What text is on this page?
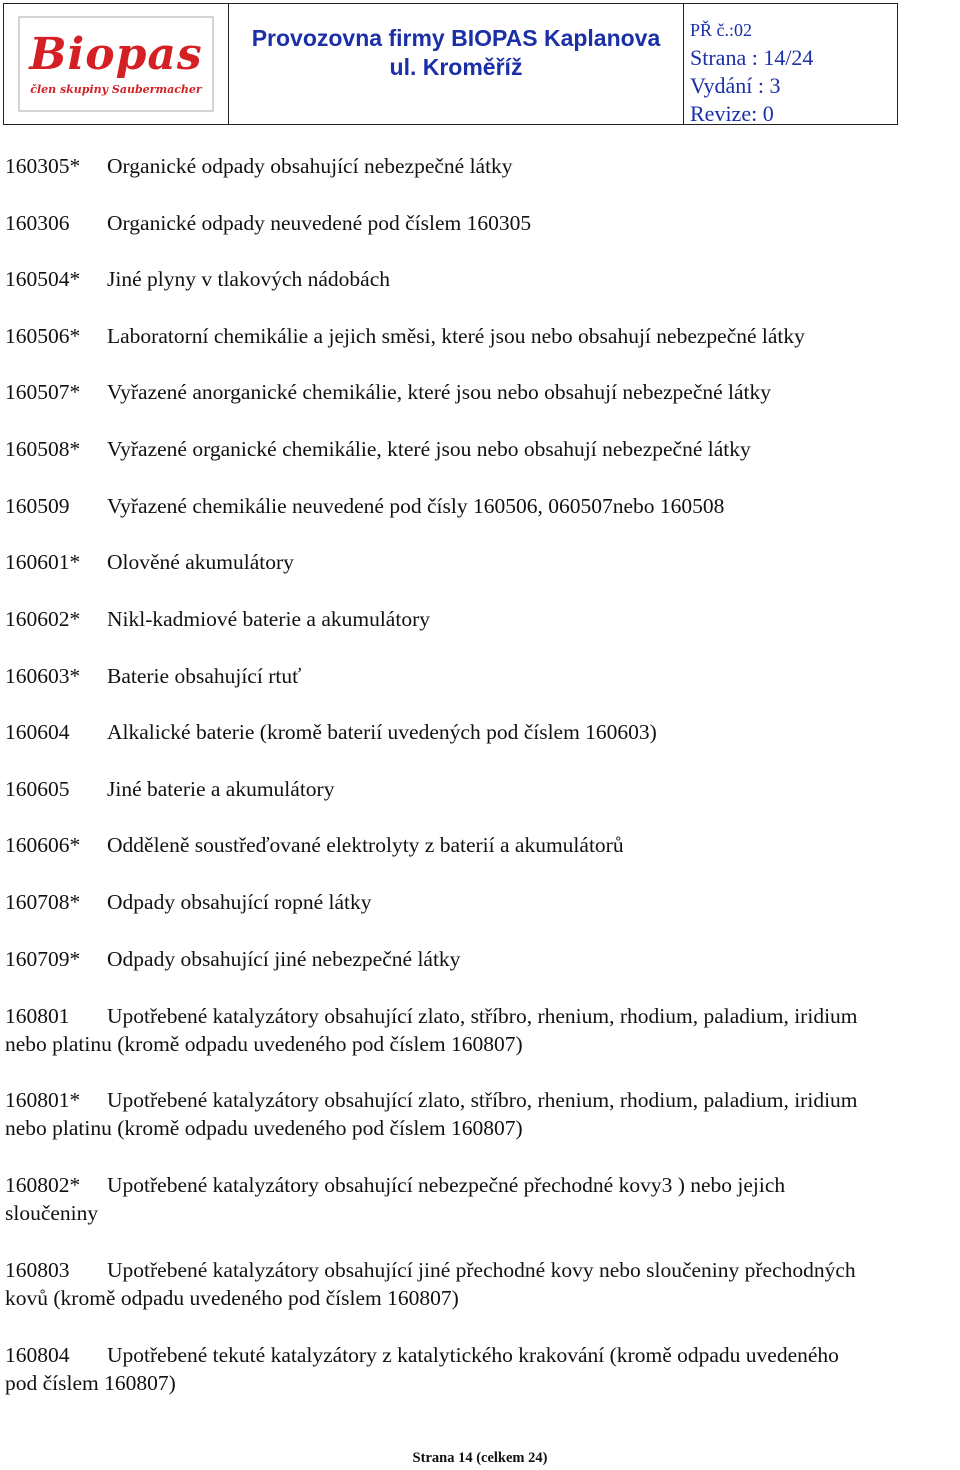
Biopas
člen skupiny Saubermacher
Provozovna firmy BIOPAS Kaplanova
ul. Kroměříž
PŘ č.:02
Strana : 14/24
Vydání : 3
Revize: 0
160305* Organické odpady obsahující nebezpečné látky
160306 Organické odpady neuvedené pod číslem 160305
160504* Jiné plyny v tlakových nádobách
160506* Laboratorní chemikálie a jejich směsi, které jsou nebo obsahují nebezpečné látky
160507* Vyřazené anorganické chemikálie, které jsou nebo obsahují nebezpečné látky
160508* Vyřazené organické chemikálie, které jsou nebo obsahují nebezpečné látky
160509 Vyřazené chemikálie neuvedené pod čísly 160506, 060507nebo 160508
160601* Olověné akumulátory
160602* Nikl-kadmiové baterie a akumulátory
160603* Baterie obsahující rtuť
160604 Alkalické baterie (kromě baterií uvedených pod číslem 160603)
160605 Jiné baterie a akumulátory
160606* Odděleně soustřeďované elektrolyty z baterií a akumulátorů
160708* Odpady obsahující ropné látky
160709* Odpady obsahující jiné nebezpečné látky
160801 Upotřebené katalyzátory obsahující zlato, stříbro, rhenium, rhodium, paladium, iridium
nebo platinu (kromě odpadu uvedeného pod číslem 160807)
160801* Upotřebené katalyzátory obsahující zlato, stříbro, rhenium, rhodium, paladium, iridium
nebo platinu (kromě odpadu uvedeného pod číslem 160807)
160802* Upotřebené katalyzátory obsahující nebezpečné přechodné kovy3 ) nebo jejich
sloučeniny
160803 Upotřebené katalyzátory obsahující jiné přechodné kovy nebo sloučeniny přechodných
kovů (kromě odpadu uvedeného pod číslem 160807)
160804 Upotřebené tekuté katalyzátory z katalytického krakování (kromě odpadu uvedeného
pod číslem 160807)
Strana 14 (celkem 24)
